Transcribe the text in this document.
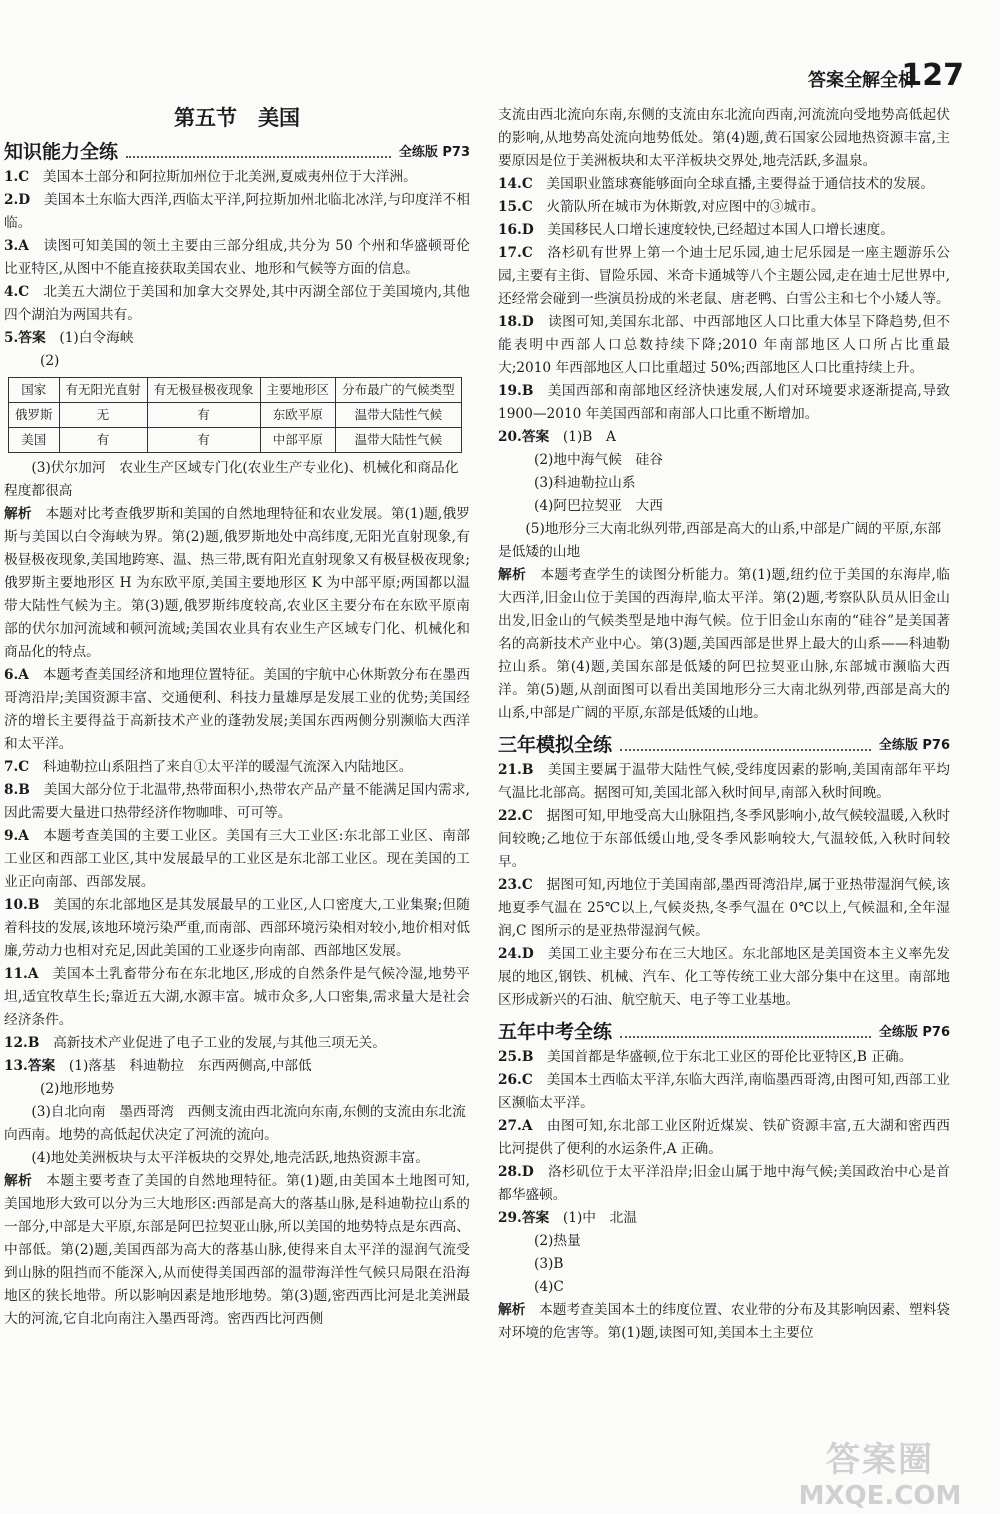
答案全解全析
127
第五节　美国
知识能力全练	全练版 P73

1.C　美国本土部分和阿拉斯加州位于北美洲,夏威夷州位于大洋洲。

2.D　美国本土东临大西洋,西临太平洋,阿拉斯加州北临北冰洋,与印度洋不相临。

3.A　读图可知美国的领土主要由三部分组成,共分为 50 个州和华盛顿哥伦比亚特区,从图中不能直接获取美国农业、地形和气候等方面的信息。

4.C　北美五大湖位于美国和加拿大交界处,其中丙湖全部位于美国境内,其他四个湖泊为两国共有。

5.答案　(1)白令海峡

(2)

国家	有无阳光直射	有无极昼极夜现象	主要地形区	分布最广的气候类型
俄罗斯	无	有	东欧平原	温带大陆性气候
美国	有	有	中部平原	温带大陆性气候

(3)伏尔加河　农业生产区域专门化(农业生产专业化)、机械化和商品化程度都很高

解析　本题对比考查俄罗斯和美国的自然地理特征和农业发展。第(1)题,俄罗斯与美国以白令海峡为界。第(2)题,俄罗斯地处中高纬度,无阳光直射现象,有极昼极夜现象,美国地跨寒、温、热三带,既有阳光直射现象又有极昼极夜现象;俄罗斯主要地形区 H 为东欧平原,美国主要地形区 K 为中部平原;两国都以温带大陆性气候为主。第(3)题,俄罗斯纬度较高,农业区主要分布在东欧平原南部的伏尔加河流域和顿河流域;美国农业具有农业生产区域专门化、机械化和商品化的特点。

6.A　本题考查美国经济和地理位置特征。美国的宇航中心休斯敦分布在墨西哥湾沿岸;美国资源丰富、交通便利、科技力量雄厚是发展工业的优势;美国经济的增长主要得益于高新技术产业的蓬勃发展;美国东西两侧分别濒临大西洋和太平洋。

7.C　科迪勒拉山系阻挡了来自①太平洋的暖湿气流深入内陆地区。

8.B　美国大部分位于北温带,热带面积小,热带农产品产量不能满足国内需求,因此需要大量进口热带经济作物咖啡、可可等。

9.A　本题考查美国的主要工业区。美国有三大工业区:东北部工业区、南部工业区和西部工业区,其中发展最早的工业区是东北部工业区。现在美国的工业正向南部、西部发展。

10.B　美国的东北部地区是其发展最早的工业区,人口密度大,工业集聚;但随着科技的发展,该地环境污染严重,而南部、西部环境污染相对较小,地价相对低廉,劳动力也相对充足,因此美国的工业逐步向南部、西部地区发展。

11.A　美国本土乳畜带分布在东北地区,形成的自然条件是气候冷湿,地势平坦,适宜牧草生长;靠近五大湖,水源丰富。城市众多,人口密集,需求量大是社会经济条件。

12.B　高新技术产业促进了电子工业的发展,与其他三项无关。

13.答案　(1)落基　科迪勒拉　东西两侧高,中部低

(2)地形地势

(3)自北向南　墨西哥湾　西侧支流由西北流向东南,东侧的支流由东北流向西南。地势的高低起伏决定了河流的流向。

(4)地处美洲板块与太平洋板块的交界处,地壳活跃,地热资源丰富。

解析　本题主要考查了美国的自然地理特征。第(1)题,由美国本土地图可知,美国地形大致可以分为三大地形区:西部是高大的落基山脉,是科迪勒拉山系的一部分,中部是大平原,东部是阿巴拉契亚山脉,所以美国的地势特点是东西高、中部低。第(2)题,美国西部为高大的落基山脉,使得来自太平洋的湿润气流受到山脉的阻挡而不能深入,从而使得美国西部的温带海洋性气候只局限在沿海地区的狭长地带。所以影响因素是地形地势。第(3)题,密西西比河是北美洲最大的河流,它自北向南注入墨西哥湾。密西西比河西侧

支流由西北流向东南,东侧的支流由东北流向西南,河流流向受地势高低起伏的影响,从地势高处流向地势低处。第(4)题,黄石国家公园地热资源丰富,主要原因是位于美洲板块和太平洋板块交界处,地壳活跃,多温泉。

14.C　美国职业篮球赛能够面向全球直播,主要得益于通信技术的发展。

15.C　火箭队所在城市为休斯敦,对应图中的③城市。

16.D　美国移民人口增长速度较快,已经超过本国人口增长速度。

17.C　洛杉矶有世界上第一个迪士尼乐园,迪士尼乐园是一座主题游乐公园,主要有主街、冒险乐园、米奇卡通城等八个主题公园,走在迪士尼世界中,还经常会碰到一些演员扮成的米老鼠、唐老鸭、白雪公主和七个小矮人等。

18.D　读图可知,美国东北部、中西部地区人口比重大体呈下降趋势,但不能表明中西部人口总数持续下降;2010 年南部地区人口所占比重最大;2010 年西部地区人口比重超过 50%;西部地区人口比重持续上升。

19.B　美国西部和南部地区经济快速发展,人们对环境要求逐渐提高,导致 1900—2010 年美国西部和南部人口比重不断增加。

20.答案　(1)B　A

(2)地中海气候　硅谷

(3)科迪勒拉山系

(4)阿巴拉契亚　大西

(5)地形分三大南北纵列带,西部是高大的山系,中部是广阔的平原,东部是低矮的山地

解析　本题考查学生的读图分析能力。第(1)题,纽约位于美国的东海岸,临大西洋,旧金山位于美国的西海岸,临太平洋。第(2)题,考察队队员从旧金山出发,旧金山的气候类型是地中海气候。位于旧金山东南的“硅谷”是美国著名的高新技术产业中心。第(3)题,美国西部是世界上最大的山系——科迪勒拉山系。第(4)题,美国东部是低矮的阿巴拉契亚山脉,东部城市濒临大西洋。第(5)题,从剖面图可以看出美国地形分三大南北纵列带,西部是高大的山系,中部是广阔的平原,东部是低矮的山地。

三年模拟全练	全练版 P76

21.B　美国主要属于温带大陆性气候,受纬度因素的影响,美国南部年平均气温比北部高。据图可知,美国北部入秋时间早,南部入秋时间晚。

22.C　据图可知,甲地受高大山脉阻挡,冬季风影响小,故气候较温暖,入秋时间较晚;乙地位于东部低缓山地,受冬季风影响较大,气温较低,入秋时间较早。

23.C　据图可知,丙地位于美国南部,墨西哥湾沿岸,属于亚热带湿润气候,该地夏季气温在 25℃以上,气候炎热,冬季气温在 0℃以上,气候温和,全年湿润,C 图所示的是亚热带湿润气候。

24.D　美国工业主要分布在三大地区。东北部地区是美国资本主义率先发展的地区,钢铁、机械、汽车、化工等传统工业大部分集中在这里。南部地区形成新兴的石油、航空航天、电子等工业基地。

五年中考全练	全练版 P76

25.B　美国首都是华盛顿,位于东北工业区的哥伦比亚特区,B 正确。

26.C　美国本土西临太平洋,东临大西洋,南临墨西哥湾,由图可知,西部工业区濒临太平洋。

27.A　由图可知,东北部工业区附近煤炭、铁矿资源丰富,五大湖和密西西比河提供了便利的水运条件,A 正确。

28.D　洛杉矶位于太平洋沿岸;旧金山属于地中海气候;美国政治中心是首都华盛顿。

29.答案　(1)中　北温

(2)热量

(3)B

(4)C

解析　本题考查美国本土的纬度位置、农业带的分布及其影响因素、塑料袋对环境的危害等。第(1)题,读图可知,美国本土主要位

答案圈
MXQE.COM
